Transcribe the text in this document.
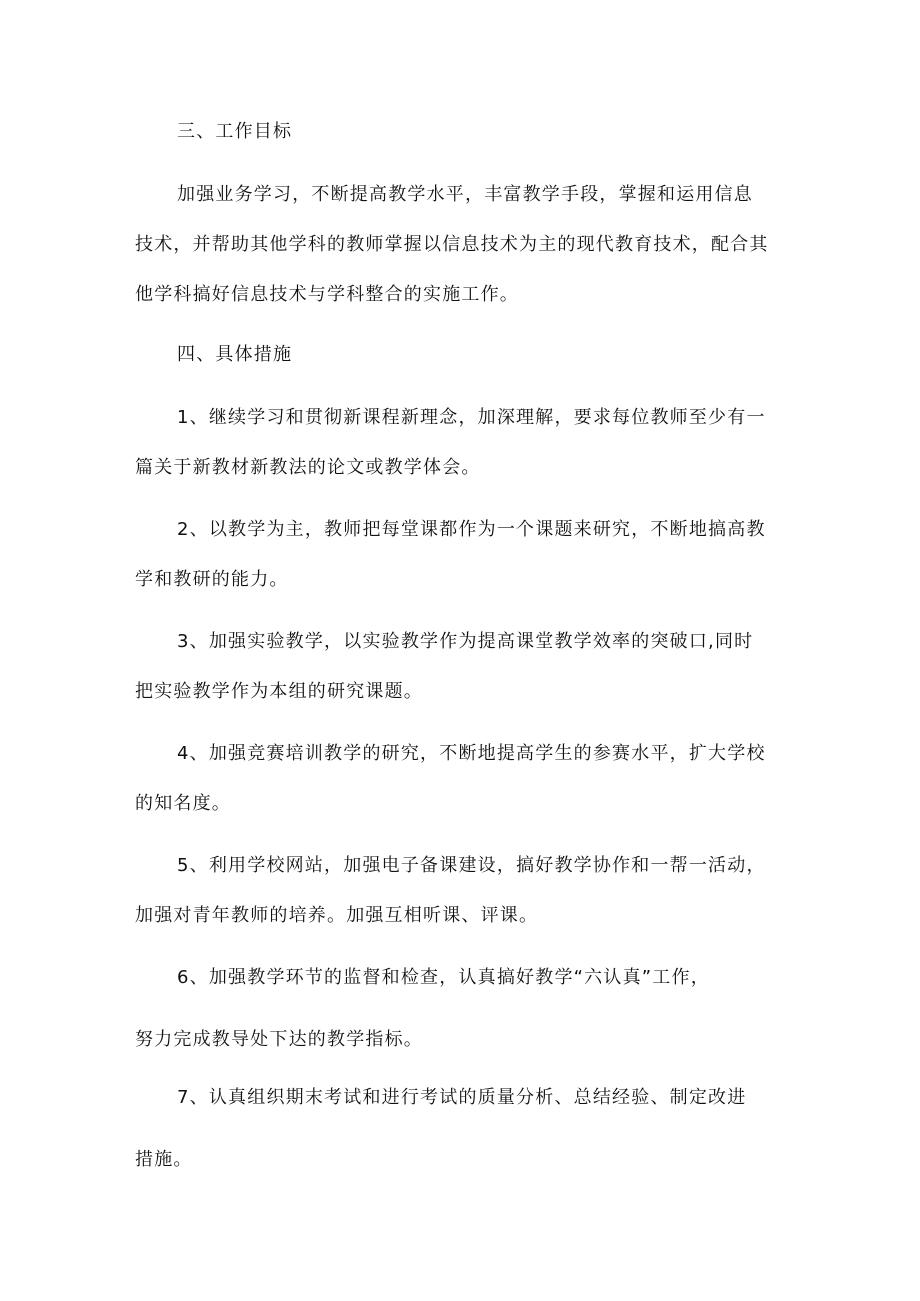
三、工作目标
加强业务学习，不断提高教学水平，丰富教学手段，掌握和运用信息
技术，并帮助其他学科的教师掌握以信息技术为主的现代教育技术，配合其
他学科搞好信息技术与学科整合的实施工作。
四、具体措施
1、继续学习和贯彻新课程新理念，加深理解，要求每位教师至少有一
篇关于新教材新教法的论文或教学体会。
2、以教学为主，教师把每堂课都作为一个课题来研究，不断地搞高教
学和教研的能力。
3、加强实验教学，以实验教学作为提高课堂教学效率的突破口,同时
把实验教学作为本组的研究课题。
4、加强竞赛培训教学的研究，不断地提高学生的参赛水平，扩大学校
的知名度。
5、利用学校网站，加强电子备课建设，搞好教学协作和一帮一活动，
加强对青年教师的培养。加强互相听课、评课。
6、加强教学环节的监督和检查，认真搞好教学“六认真”工作，
努力完成教导处下达的教学指标。
7、认真组织期末考试和进行考试的质量分析、总结经验、制定改进
措施。
